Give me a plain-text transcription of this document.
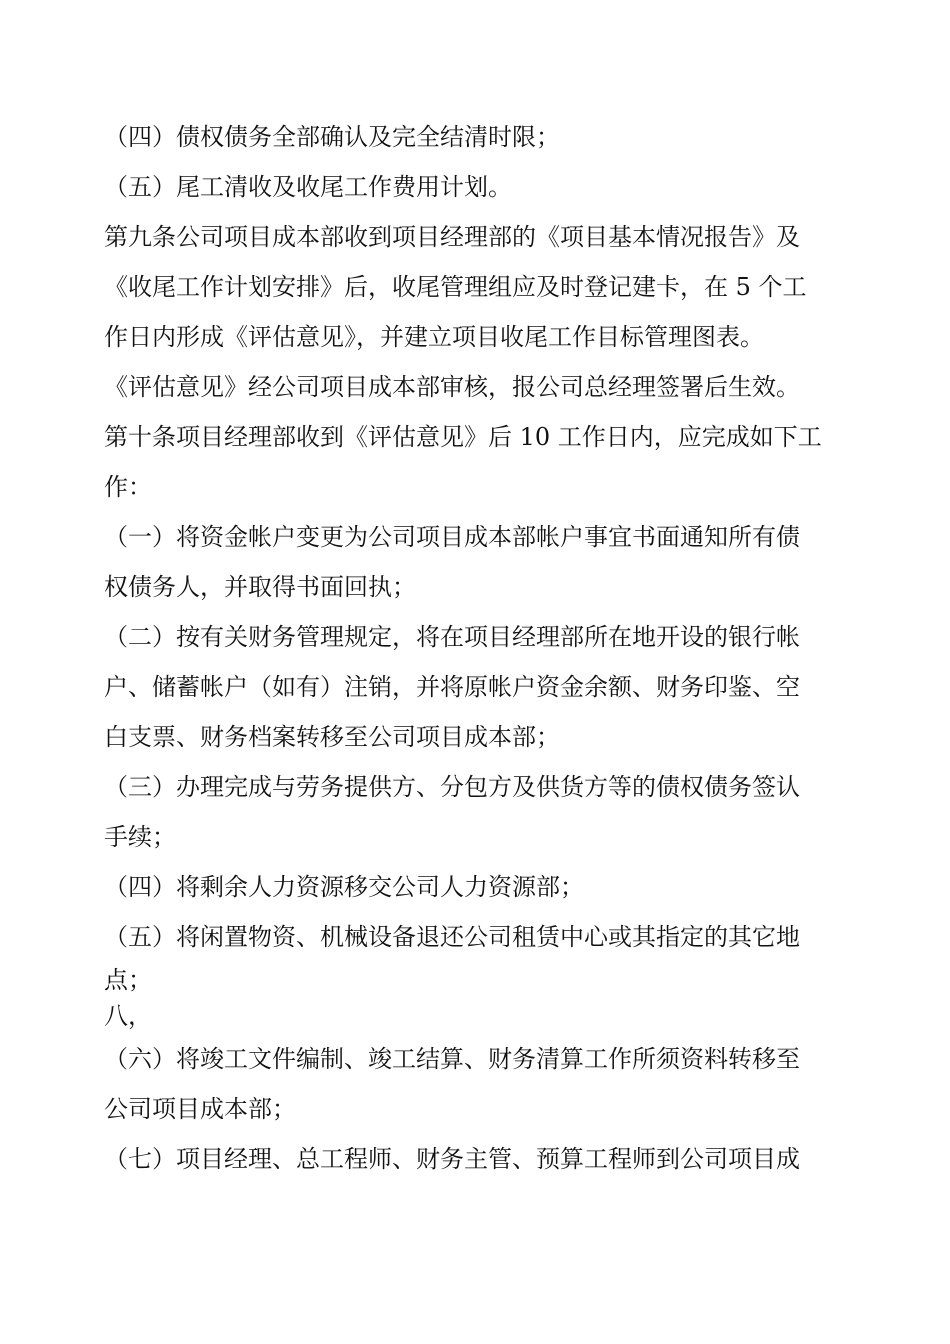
（四）债权债务全部确认及完全结清时限；
（五）尾工清收及收尾工作费用计划。
第九条公司项目成本部收到项目经理部的《项目基本情况报告》及
《收尾工作计划安排》后，收尾管理组应及时登记建卡，在 5 个工
作日内形成《评估意见》，并建立项目收尾工作目标管理图表。
《评估意见》经公司项目成本部审核，报公司总经理签署后生效。
第十条项目经理部收到《评估意见》后 10 工作日内，应完成如下工
作：
（一）将资金帐户变更为公司项目成本部帐户事宜书面通知所有债
权债务人，并取得书面回执；
（二）按有关财务管理规定，将在项目经理部所在地开设的银行帐
户、储蓄帐户（如有）注销，并将原帐户资金余额、财务印鉴、空
白支票、财务档案转移至公司项目成本部；
（三）办理完成与劳务提供方、分包方及供货方等的债权债务签认
手续；
（四）将剩余人力资源移交公司人力资源部；
（五）将闲置物资、机械设备退还公司租赁中心或其指定的其它地
点；
八，
（六）将竣工文件编制、竣工结算、财务清算工作所须资料转移至
公司项目成本部；
（七）项目经理、总工程师、财务主管、预算工程师到公司项目成
